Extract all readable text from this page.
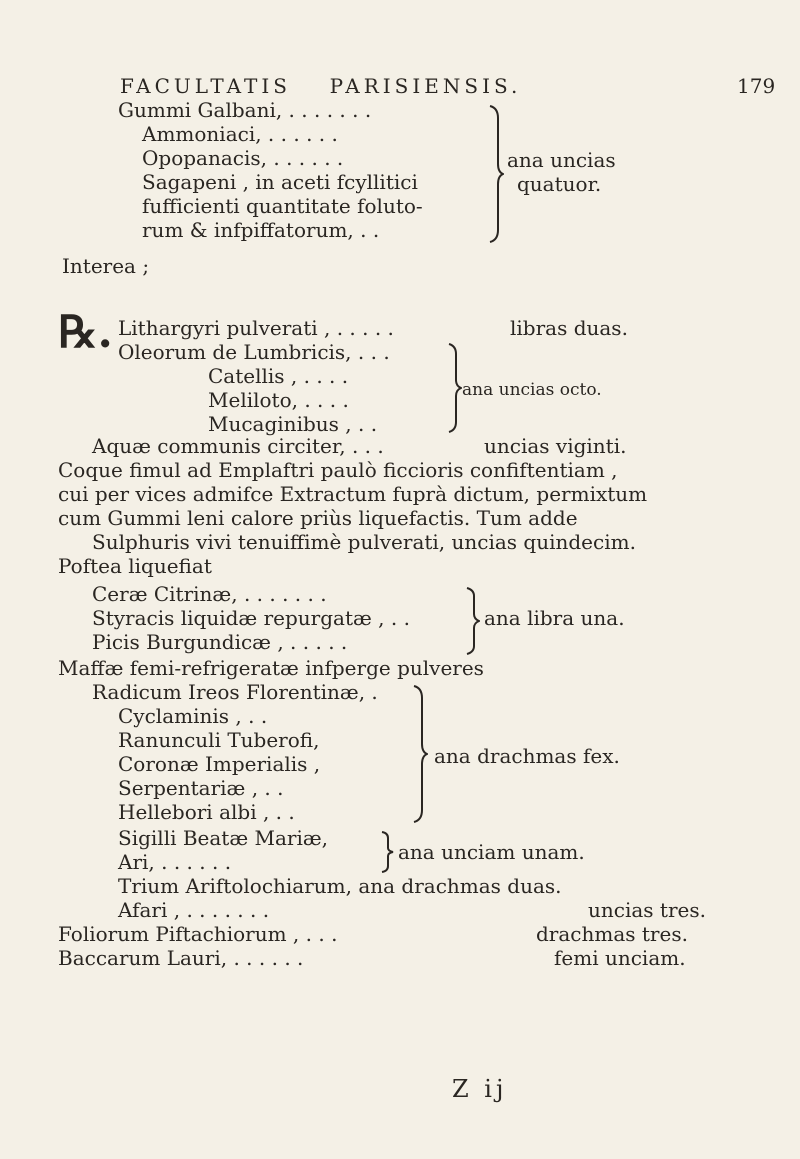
FACULTATIS PARISIENSIS.	179
Gummi Galbani, . . . . . . .
Ammoniaci, . . . . . .
Opopanacis, . . . . . .
Sagapeni , in aceti fcyllitici
fufficienti quantitate foluto-
rum & infpiffatorum, . .
ana uncias
quatuor.
Interea ;
℞. Lithargyri pulverati , . . . . .	libras duas.
Oleorum de Lumbricis, . . .
Catellis , . . . .
Meliloto, . . . .
Mucaginibus , . .
ana uncias octo.
Aquæ communis circiter, . . .	uncias viginti.
Coque fimul ad Emplaftri paulò ficcioris confiftentiam ,
cui per vices admifce Extractum fuprà dictum, permixtum
cum Gummi leni calore priùs liquefactis. Tum adde
Sulphuris vivi tenuiffimè pulverati, uncias quindecim.
Poftea liquefiat
Ceræ Citrinæ, . . . . . . .
Styracis liquidæ repurgatæ , . .
Picis Burgundicæ , . . . . .
ana libra una.
Maffæ femi-refrigeratæ infperge pulveres
Radicum Ireos Florentinæ, .
Cyclaminis , . .
Ranunculi Tuberofi,
Coronæ Imperialis ,
Serpentariæ , . .
Hellebori albi , . .
ana drachmas fex.
Sigilli Beatæ Mariæ,
Ari, . . . . . .	ana unciam unam.
Trium Ariftolochiarum, ana drachmas duas.
Afari , . . . . . . .	uncias tres.
Foliorum Piftachiorum , . . .	drachmas tres.
Baccarum Lauri, . . . . . .	femi unciam.
Z ij
